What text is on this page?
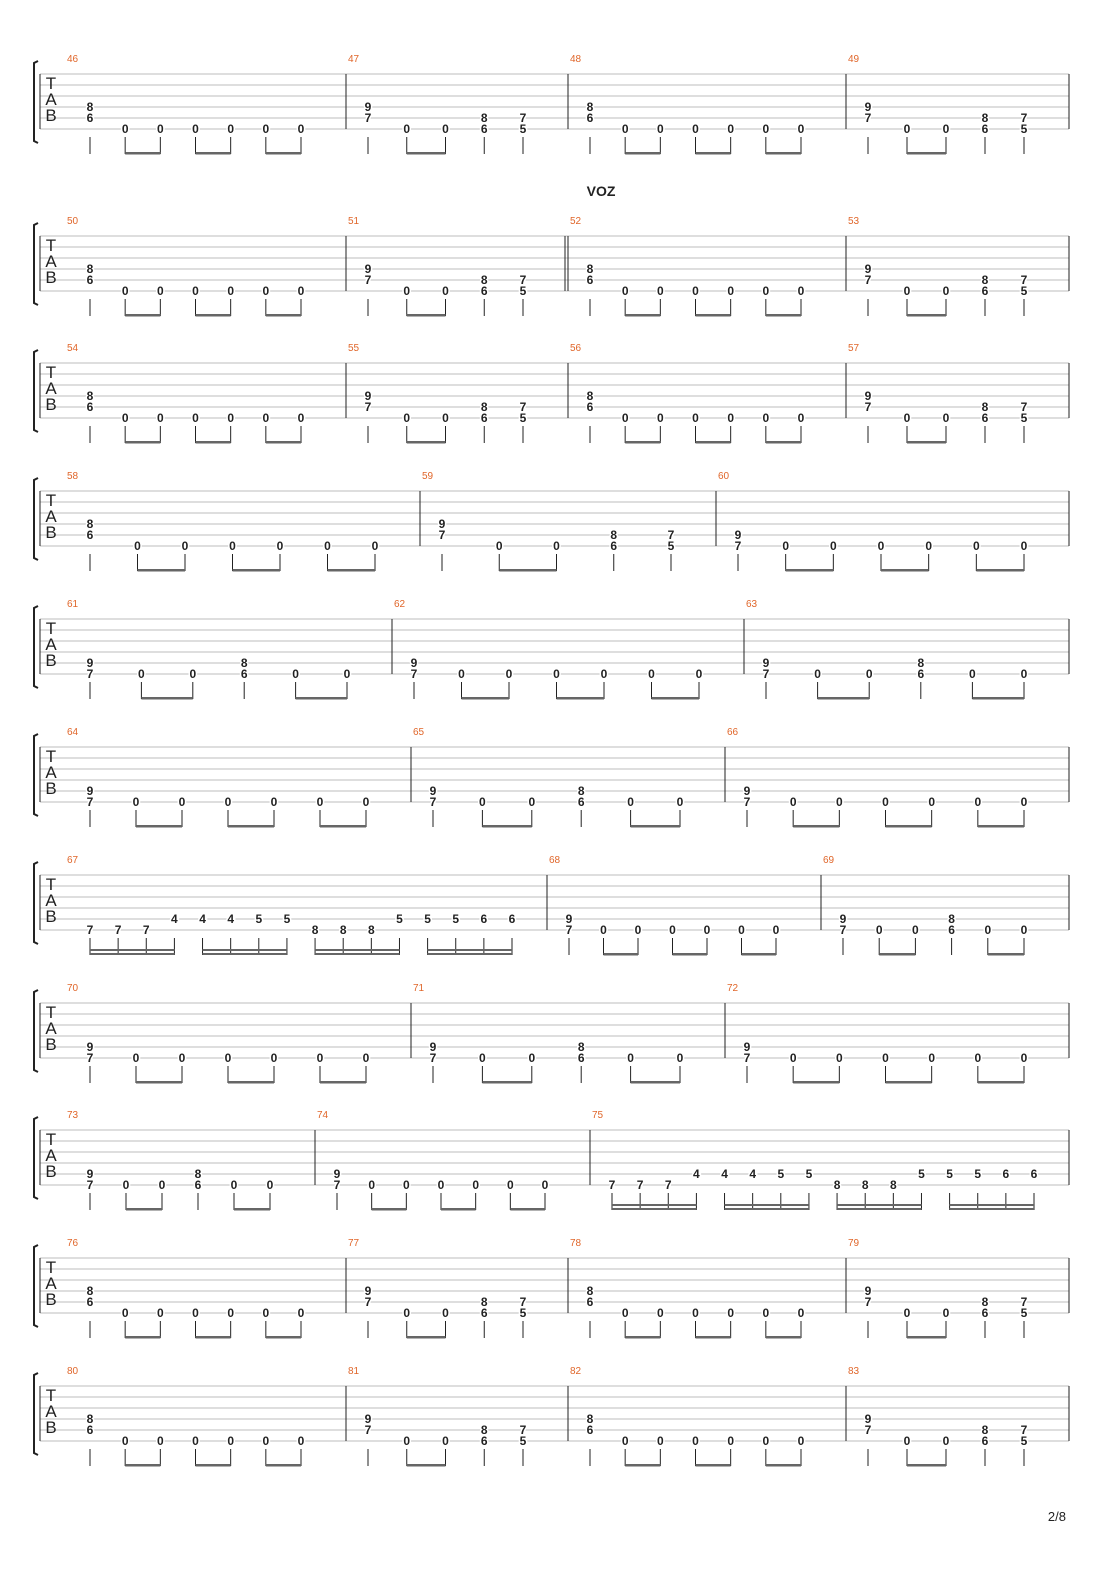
VOZ
T
A
B
46
8
6
0 0 0 0 0 0
47
9
7
0	0
8
6
7
5
48
8
6
0 0 0 0 0 0
49
9
7
0	0
8
6
7
5
T
A
B
50
8
6
0 0 0 0 0 0
51
9
7
0	0
8
6
7
5
52
8
6
0 0 0 0 0 0
53
9
7
0	0
8
6
7
5
T
A
B
54
8
6
0 0 0 0 0 0
55
9
7
0	0
8
6
7
5
56
8
6
0 0 0 0 0 0
57
9
7
0	0
8
6
7
5
T
A
B
58
8
6
0	0	0	0	0	0
59
9
7
0	0
8
6
7
5
60
9
7	0	0	0	0	0	0
T
A
B
61
9
7	0	0
8
6	0	0
62
9
7	0	0	0	0	0	0
63
9
7	0	0
8
6	0	0
T
A
B
64
9
7	0	0	0	0	0	0
65
9
7	0	0
8
6	0	0
66
9
7	0	0	0	0	0	0
T
A
B
67
7 7 7
4 4 4 5 5
8 8 8
5 5 5 6 6
68
9
7 0 0 0 0 0 0
69
9
7 0 0
8
6 0 0
T
A
B
70
9
7	0	0	0	0	0	0
71
9
7	0	0
8
6	0	0
72
9
7	0	0	0	0	0	0
T
A
B
73
9
7 0 0
8
6 0 0
74
9
7 0 0 0 0 0 0
75
7 7 7
4 4 4 5 5
8 8 8
5 5 5 6 6
T
A
B
76
8
6
0 0 0 0 0 0
77
9
7
0	0
8
6
7
5
78
8
6
0 0 0 0 0 0
79
9
7
0	0
8
6
7
5
T
A
B
80
8
6
0 0 0 0 0 0
81
9
7
0	0
8
6
7
5
82
8
6
0 0 0 0 0 0
83
9
7
0	0
8
6
7
5
2/8
